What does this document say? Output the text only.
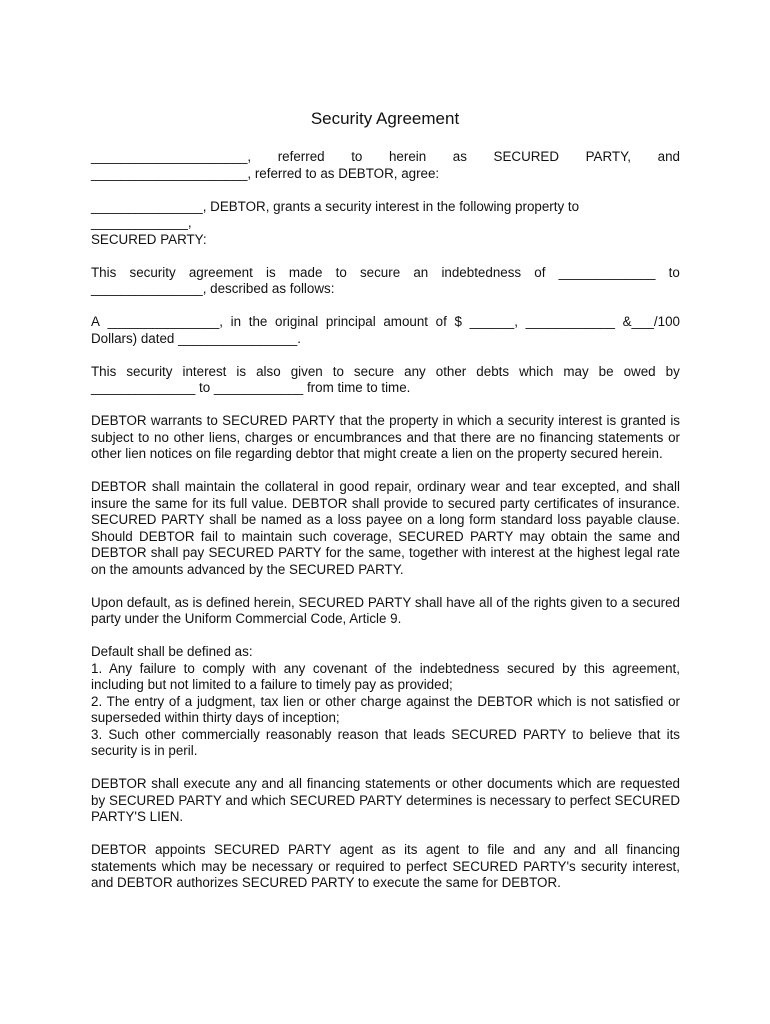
Security Agreement
_____________________, referred to herein as SECURED PARTY, and

_____________________, referred to as DEBTOR, agree:

_______________, DEBTOR, grants a security interest in the following property to _____________,

SECURED PARTY:

This security agreement is made to secure an indebtedness of _____________ to

_______________, described as follows:

A _______________, in the original principal amount of $ ______, ____________ &___/100

Dollars) dated ________________.

This security interest is also given to secure any other debts which may be owed by

______________ to ____________ from time to time.

DEBTOR warrants to SECURED PARTY that the property in which a security interest is granted is subject to no other liens, charges or encumbrances and that there are no financing statements or other lien notices on file regarding debtor that might create a lien on the property secured herein.

DEBTOR shall maintain the collateral in good repair, ordinary wear and tear excepted, and shall insure the same for its full value. DEBTOR shall provide to secured party certificates of insurance. SECURED PARTY shall be named as a loss payee on a long form standard loss payable clause. Should DEBTOR fail to maintain such coverage, SECURED PARTY may obtain the same and DEBTOR shall pay SECURED PARTY for the same, together with interest at the highest legal rate on the amounts advanced by the SECURED PARTY.

Upon default, as is defined herein, SECURED PARTY shall have all of the rights given to a secured party under the Uniform Commercial Code, Article 9.

Default shall be defined as:

1. Any failure to comply with any covenant of the indebtedness secured by this agreement, including but not limited to a failure to timely pay as provided;

2. The entry of a judgment, tax lien or other charge against the DEBTOR which is not satisfied or superseded within thirty days of inception;

3. Such other commercially reasonably reason that leads SECURED PARTY to believe that its security is in peril.

DEBTOR shall execute any and all financing statements or other documents which are requested by SECURED PARTY and which SECURED PARTY determines is necessary to perfect SECURED PARTY'S LIEN.

DEBTOR appoints SECURED PARTY agent as its agent to file and any and all financing statements which may be necessary or required to perfect SECURED PARTY's security interest, and DEBTOR authorizes SECURED PARTY to execute the same for DEBTOR.
